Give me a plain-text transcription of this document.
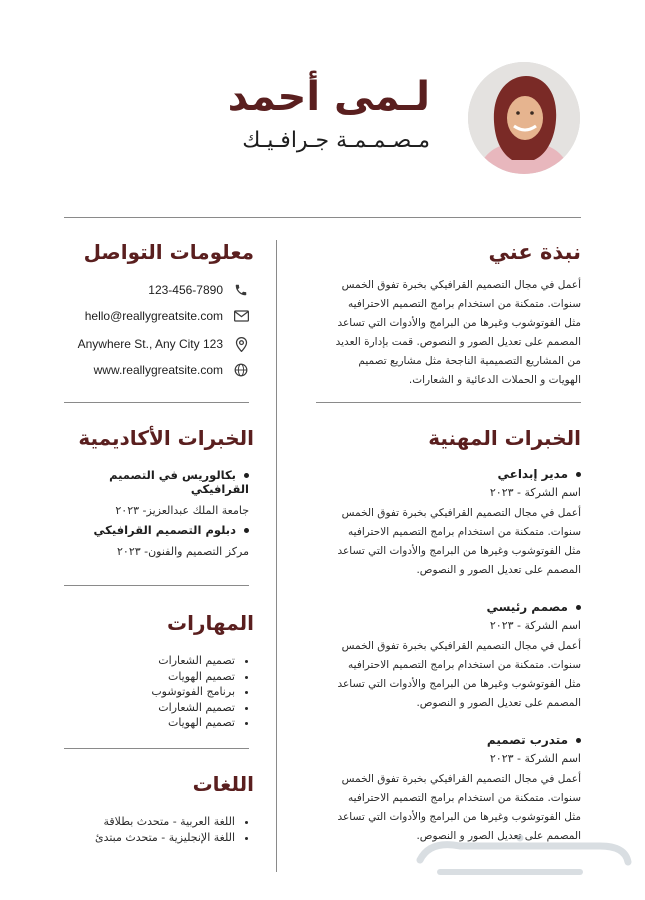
لـمى أحمد
مـصـمـمـة جـرافـيـك
نبذة عني
أعمل في مجال التصميم القرافيكي بخبرة تفوق الخمس
سنوات. متمكنة من استخدام برامج التصميم الاحترافيه
مثل الفوتوشوب وغيرها من البرامج والأدوات التي تساعد
المصمم على تعديل الصور و النصوص. قمت بإدارة العديد
من المشاريع التصميمية الناجحة مثل مشاريع تصميم
الهويات و الحملات الدعائية و الشعارات.
معلومات التواصل
123-456-7890
hello@reallygreatsite.com
Anywhere St., Any City 123
www.reallygreatsite.com
الخبرات المهنية
مدير إبداعي
اسم الشركة - ٢٠٢٣
أعمل في مجال التصميم القرافيكي بخبرة تفوق الخمس
سنوات. متمكنة من استخدام برامج التصميم الاحترافيه
مثل الفوتوشوب وغيرها من البرامج والأدوات التي تساعد
المصمم على تعديل الصور و النصوص.
مصمم رئيسي
اسم الشركة - ٢٠٢٣
أعمل في مجال التصميم القرافيكي بخبرة تفوق الخمس
سنوات. متمكنة من استخدام برامج التصميم الاحترافيه
مثل الفوتوشوب وغيرها من البرامج والأدوات التي تساعد
المصمم على تعديل الصور و النصوص.
متدرب تصميم
اسم الشركة - ٢٠٢٣
أعمل في مجال التصميم القرافيكي بخبرة تفوق الخمس
سنوات. متمكنة من استخدام برامج التصميم الاحترافيه
مثل الفوتوشوب وغيرها من البرامج والأدوات التي تساعد
المصمم على تعديل الصور و النصوص.
الخبرات الأكاديمية
بكالوريس في التصميم القرافيكي
جامعة الملك عبدالعزيز- ٢٠٢٣
دبلوم التصميم القرافيكي
مركز التصميم والفنون- ٢٠٢٣
المهارات
• تصميم الشعارات
• تصميم الهويات
• برنامج الفوتوشوب
• تصميم الشعارات
• تصميم الهويات
اللغات
• اللغة العربية - متحدث بطلاقة
• اللغة الإنجليزية - متحدث مبتدئ
